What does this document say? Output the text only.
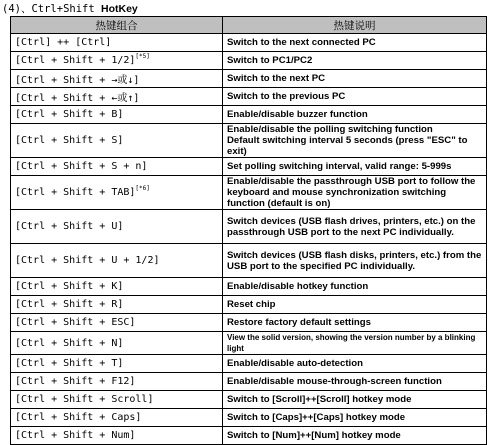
(4)、Ctrl+Shift HotKey
热键组合	热键说明
[Ctrl] ++ [Ctrl]	Switch to the next connected PC

[Ctrl + Shift + 1/2][*5]	Switch to PC1/PC2

[Ctrl + Shift + →或↓]	Switch to the next PC

[Ctrl + Shift + ←或↑]	Switch to the previous PC

[Ctrl + Shift + B]	Enable/disable buzzer function

[Ctrl + Shift + S]	Enable/disable the polling switching function
Default switching interval 5 seconds (press "ESC" to exit)

[Ctrl + Shift + S + n]	Set polling switching interval, valid range: 5-999s

[Ctrl + Shift + TAB][*6]	Enable/disable the passthrough USB port to follow the keyboard and mouse synchronization switching function (default is on)

[Ctrl + Shift + U]	Switch devices (USB flash drives, printers, etc.) on the passthrough USB port to the next PC individually.

[Ctrl + Shift + U + 1/2]	Switch devices (USB flash disks, printers, etc.) from the USB port to the specified PC individually.

[Ctrl + Shift + K]	Enable/disable hotkey function

[Ctrl + Shift + R]	Reset chip

[Ctrl + Shift + ESC]	Restore factory default settings

[Ctrl + Shift + N]	View the solid version, showing the version number by a blinking light

[Ctrl + Shift + T]	Enable/disable auto-detection

[Ctrl + Shift + F12]	Enable/disable mouse-through-screen function

[Ctrl + Shift + Scroll]	Switch to [Scroll]++[Scroll] hotkey mode

[Ctrl + Shift + Caps]	Switch to [Caps]++[Caps] hotkey mode

[Ctrl + Shift + Num]	Switch to [Num]++[Num] hotkey mode
